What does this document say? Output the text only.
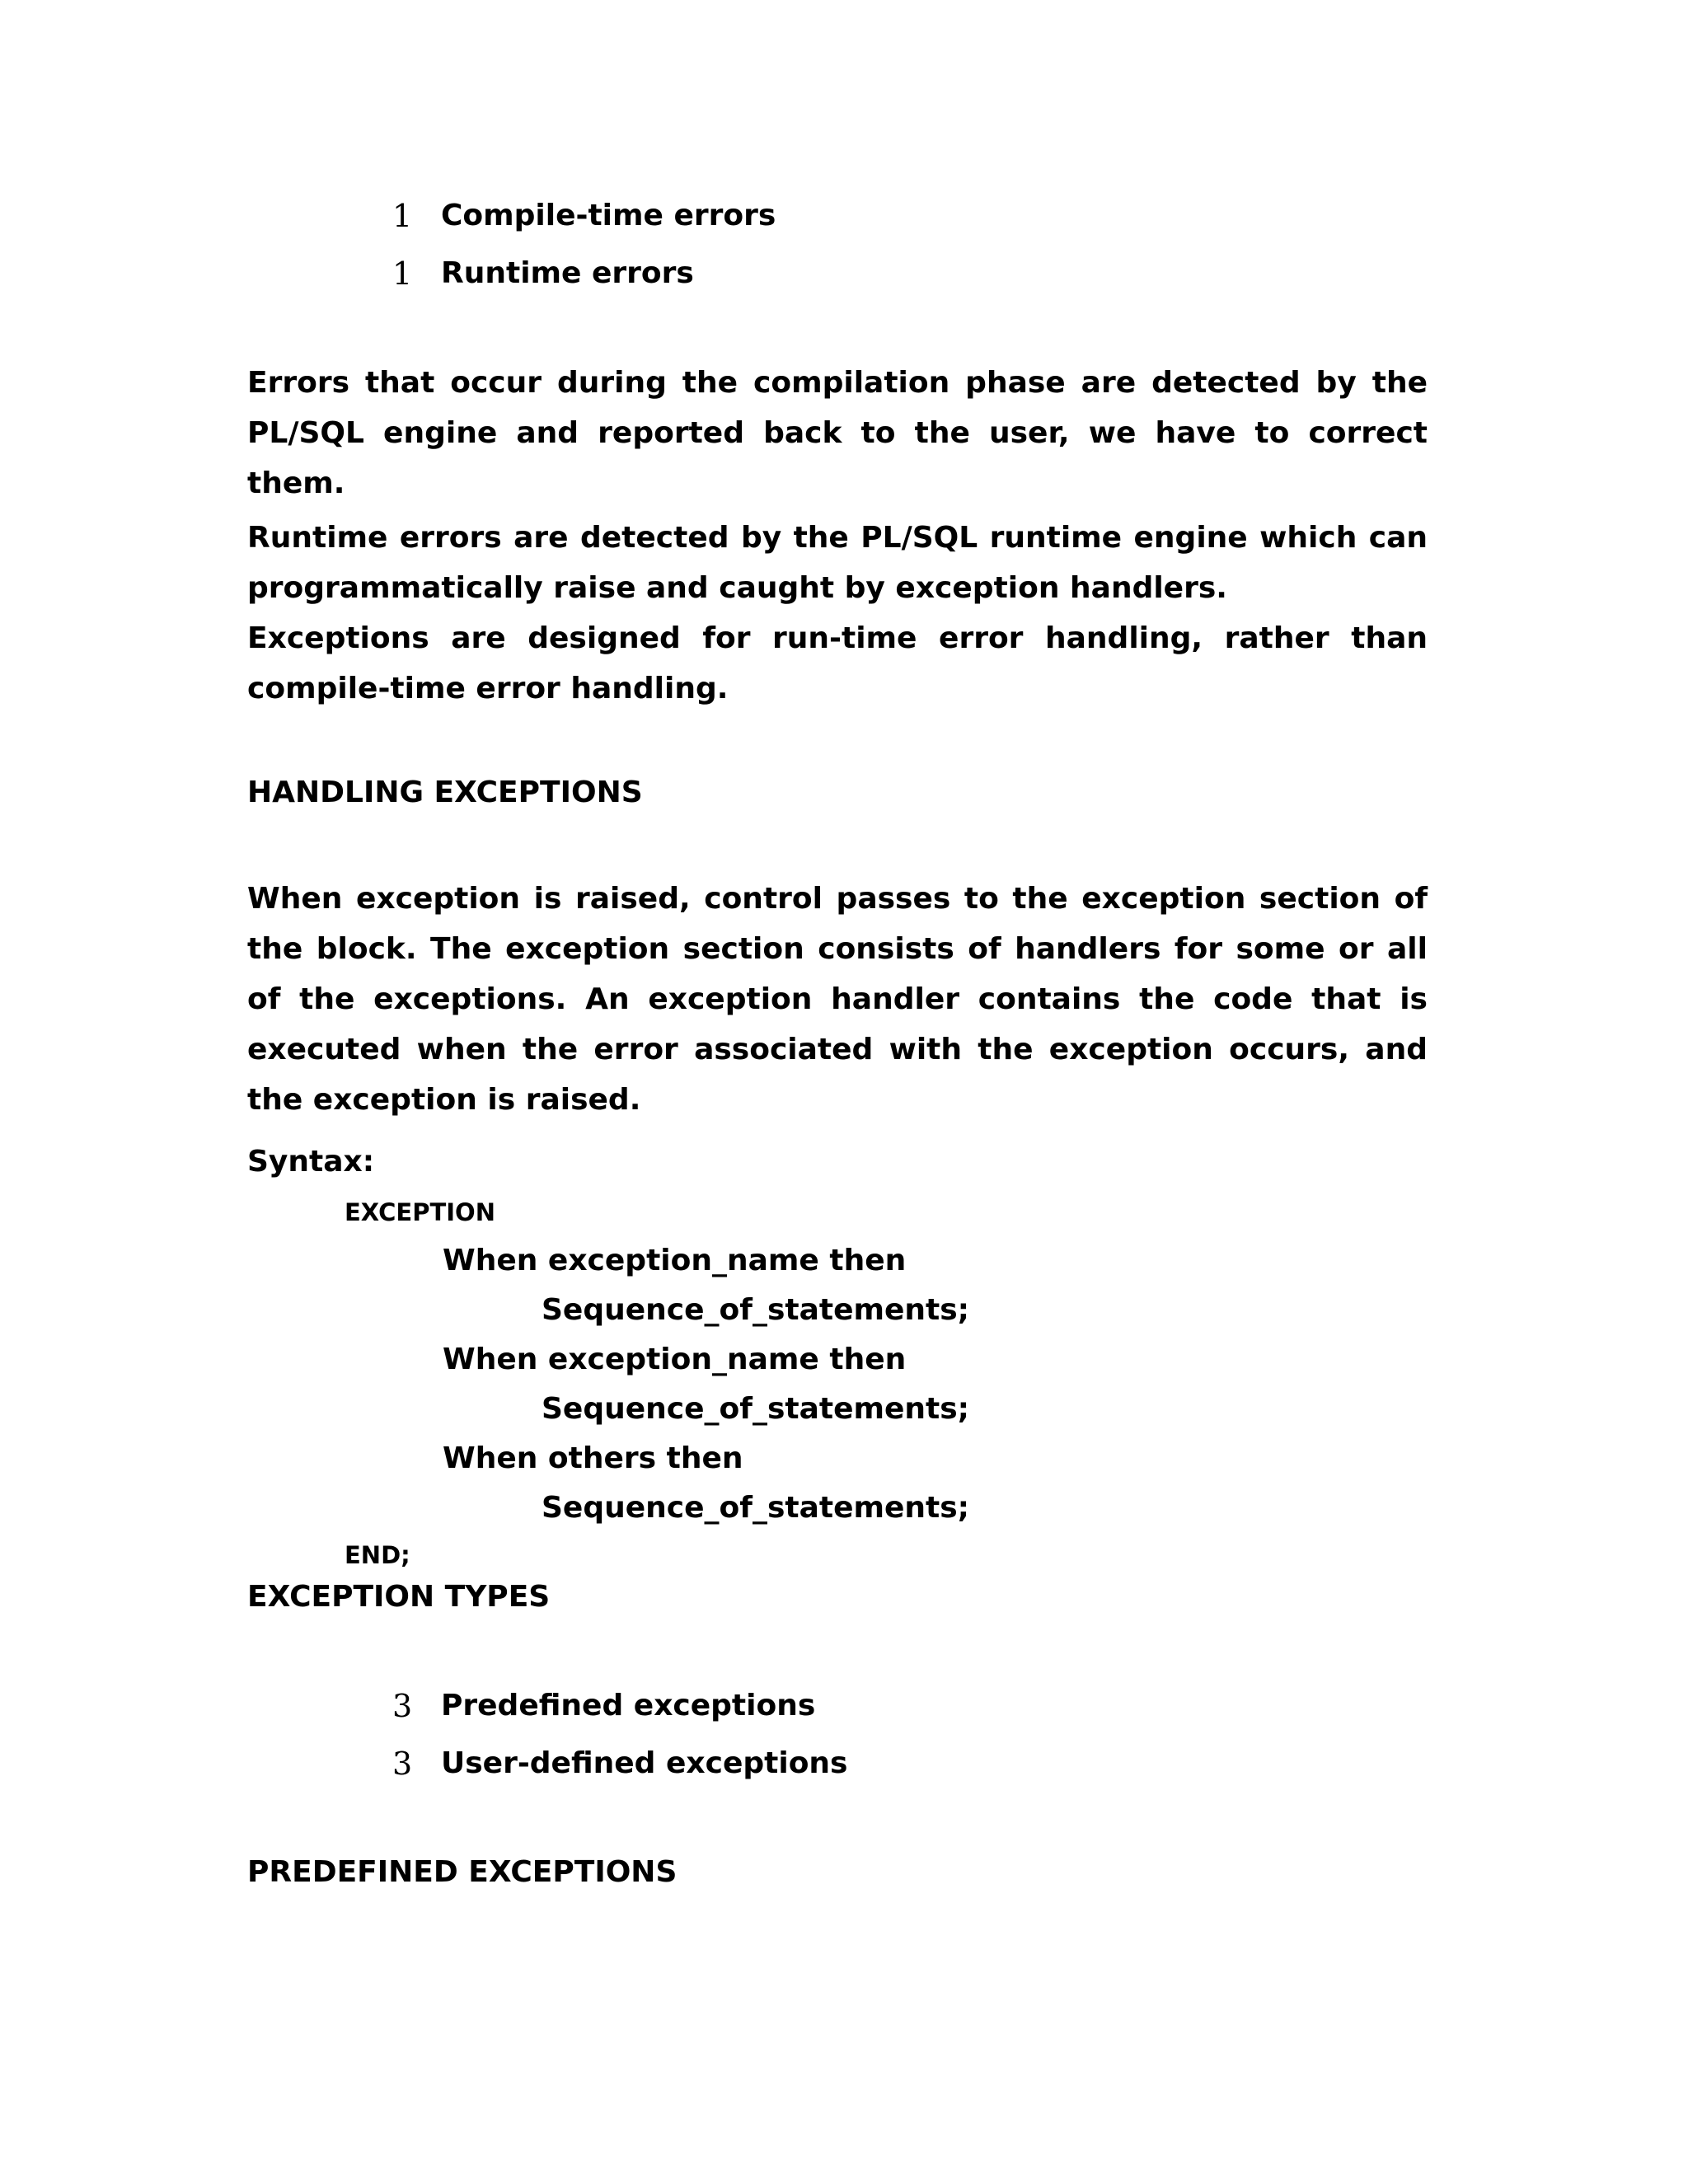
1 Compile-time errors
1 Runtime errors

Errors that occur during the compilation phase are detected by the PL/SQL engine and reported back to the user, we have to correct them.

Runtime errors are detected by the PL/SQL runtime engine which can programmatically raise and caught by exception handlers.

Exceptions are designed for run-time error handling, rather than compile-time error handling.

HANDLING EXCEPTIONS

When exception is raised, control passes to the exception section of the block. The exception section consists of handlers for some or all of the exceptions. An exception handler contains the code that is executed when the error associated with the exception occurs, and the exception is raised.

Syntax:
EXCEPTION
When exception_name then
Sequence_of_statements;
When exception_name then
Sequence_of_statements;
When others then
Sequence_of_statements;
END;
EXCEPTION TYPES
3 Predefined exceptions
3 User-defined exceptions
PREDEFINED EXCEPTIONS
